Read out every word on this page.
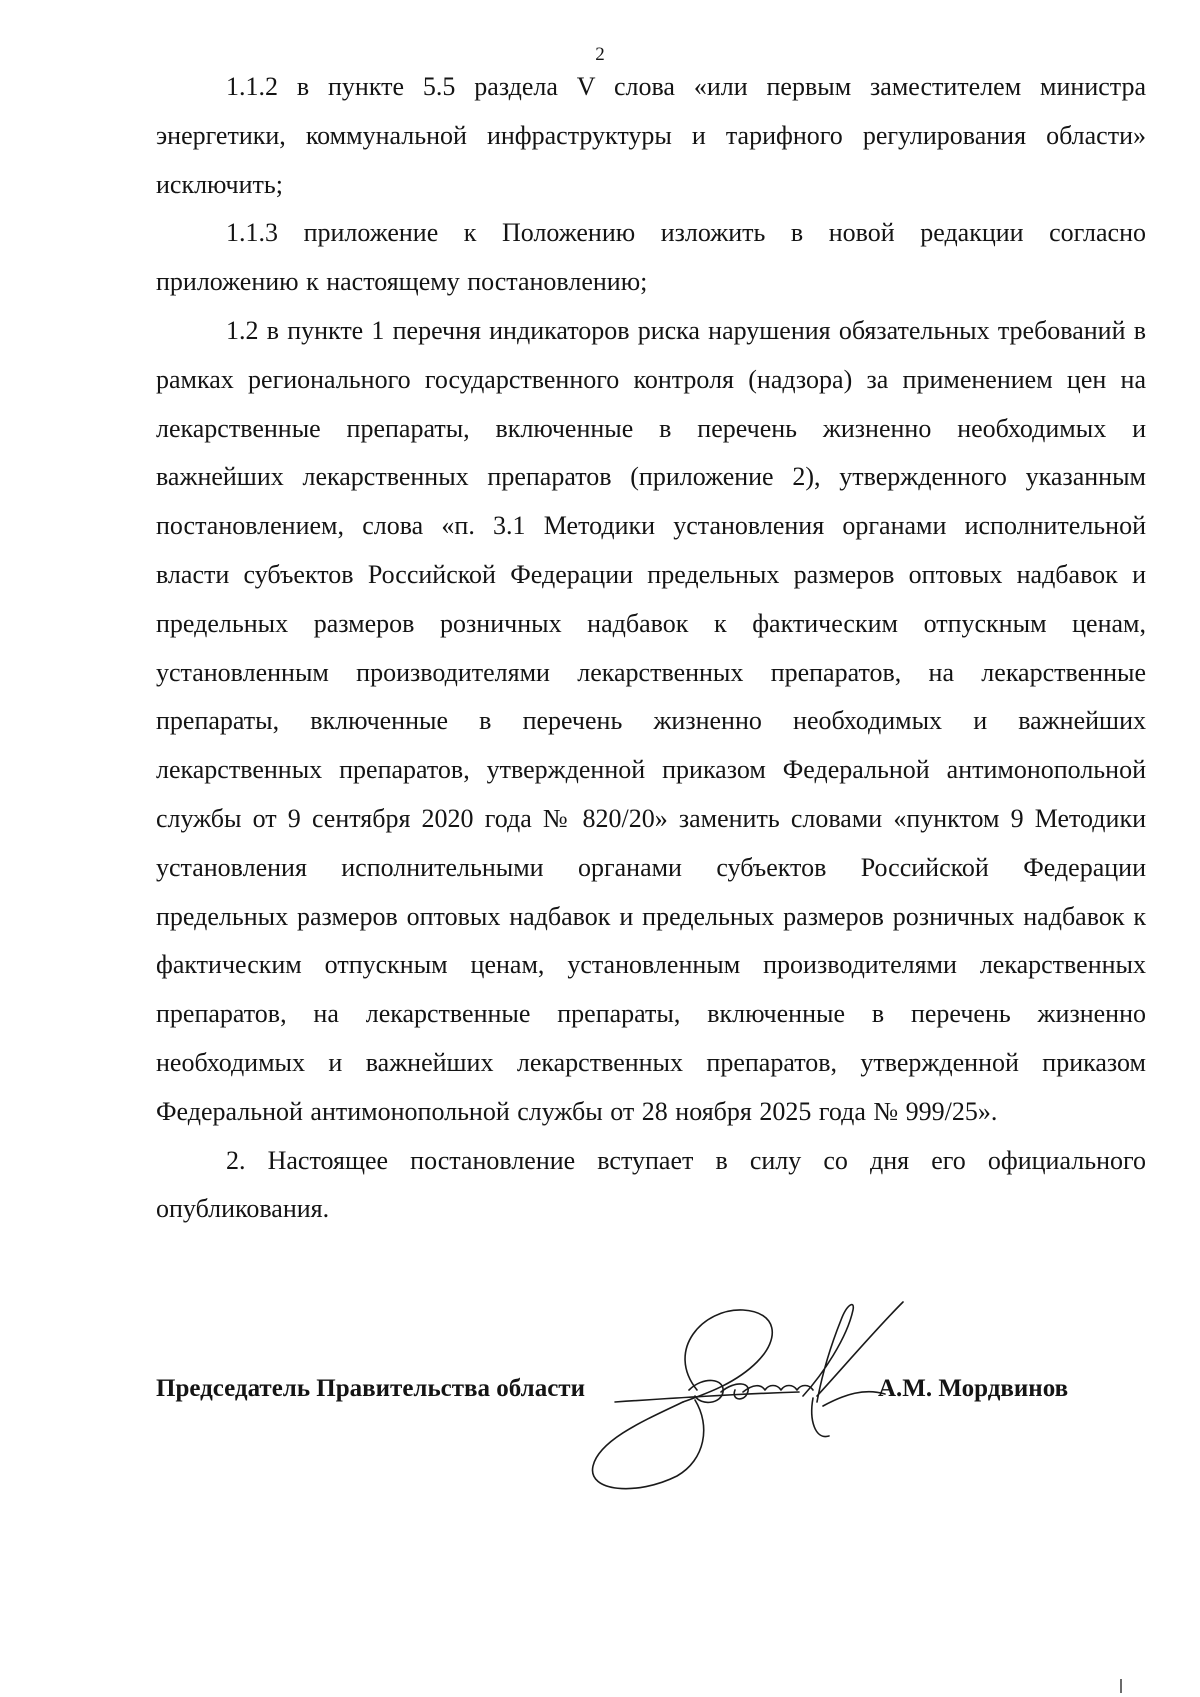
2

1.1.2 в пункте 5.5 раздела V слова «или первым заместителем министра энергетики, коммунальной инфраструктуры и тарифного регулирования области» исключить;

1.1.3 приложение к Положению изложить в новой редакции согласно приложению к настоящему постановлению;

1.2 в пункте 1 перечня индикаторов риска нарушения обязательных требований в рамках регионального государственного контроля (надзора) за применением цен на лекарственные препараты, включенные в перечень жизненно необходимых и важнейших лекарственных препаратов (приложение 2), утвержденного указанным постановлением, слова «п. 3.1 Методики установления органами исполнительной власти субъектов Российской Федерации предельных размеров оптовых надбавок и предельных размеров розничных надбавок к фактическим отпускным ценам, установленным производителями лекарственных препаратов, на лекарственные препараты, включенные в перечень жизненно необходимых и важнейших лекарственных препаратов, утвержденной приказом Федеральной антимонопольной службы от 9 сентября 2020 года № 820/20» заменить словами «пунктом 9 Методики установления исполнительными органами субъектов Российской Федерации предельных размеров оптовых надбавок и предельных размеров розничных надбавок к фактическим отпускным ценам, установленным производителями лекарственных препаратов, на лекарственные препараты, включенные в перечень жизненно необходимых и важнейших лекарственных препаратов, утвержденной приказом Федеральной антимонопольной службы от 28 ноября 2025 года № 999/25».

2. Настоящее постановление вступает в силу со дня его официального опубликования.

Председатель Правительства области	А.М. Мордвинов
